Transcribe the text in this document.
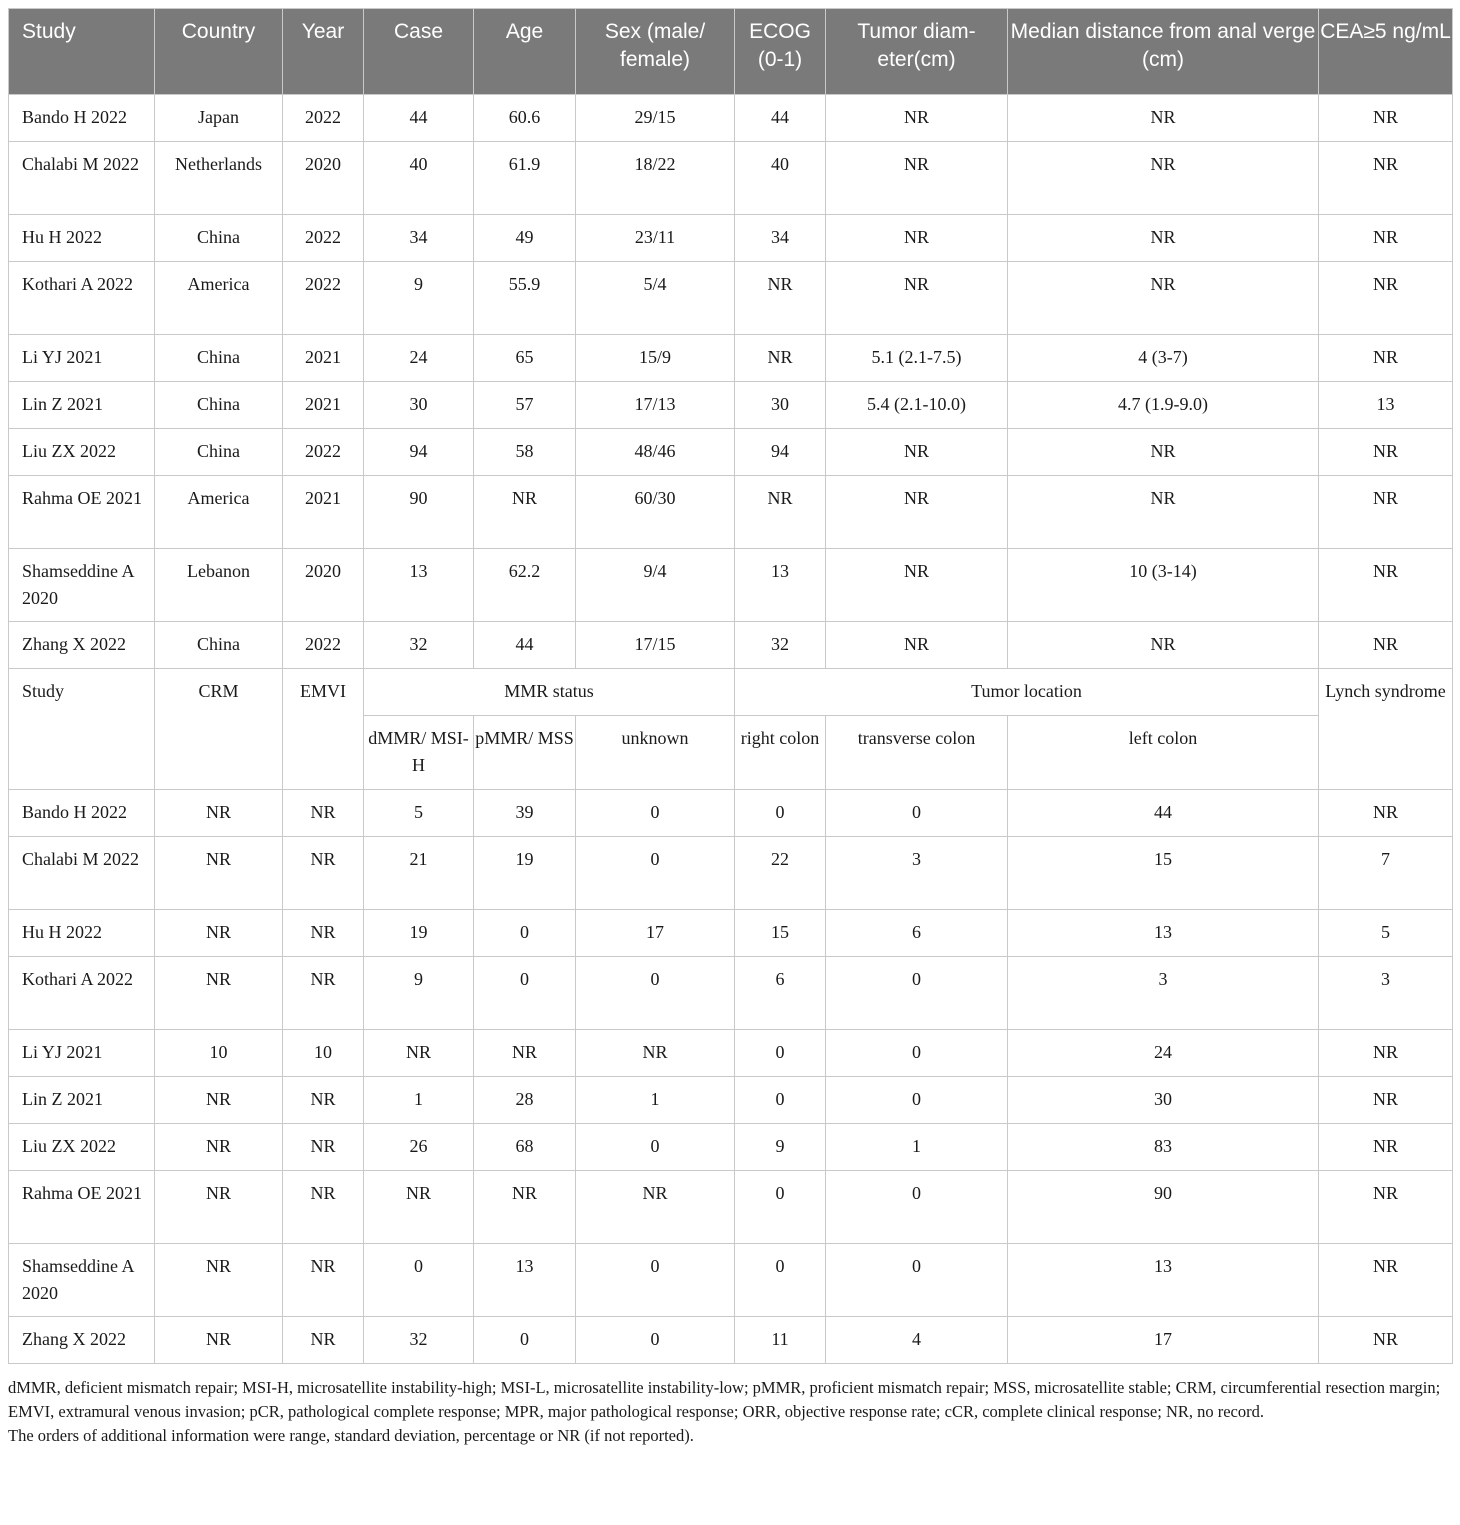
Study	Country	Year	Case	Age	Sex (male/ female)	ECOG (0-1)	Tumor diam- eter(cm)	Median distance from anal verge (cm)	CEA≥5 ng/mL
Bando H 2022	Japan	2022	44	60.6	29/15	44	NR	NR	NR
Chalabi M 2022	Netherlands	2020	40	61.9	18/22	40	NR	NR	NR
Hu H 2022	China	2022	34	49	23/11	34	NR	NR	NR
Kothari A 2022	America	2022	9	55.9	5/4	NR	NR	NR	NR
Li YJ 2021	China	2021	24	65	15/9	NR	5.1 (2.1-7.5)	4 (3-7)	NR
Lin Z 2021	China	2021	30	57	17/13	30	5.4 (2.1-10.0)	4.7 (1.9-9.0)	13
Liu ZX 2022	China	2022	94	58	48/46	94	NR	NR	NR
Rahma OE 2021	America	2021	90	NR	60/30	NR	NR	NR	NR
Shamseddine A 2020	Lebanon	2020	13	62.2	9/4	13	NR	10 (3-14)	NR
Zhang X 2022	China	2022	32	44	17/15	32	NR	NR	NR
Study	CRM	EMVI	MMR status			Tumor location			Lynch syndrome
			dMMR/ MSI-H	pMMR/ MSS	unknown	right colon	transverse colon	left colon	
Bando H 2022	NR	NR	5	39	0	0	0	44	NR
Chalabi M 2022	NR	NR	21	19	0	22	3	15	7
Hu H 2022	NR	NR	19	0	17	15	6	13	5
Kothari A 2022	NR	NR	9	0	0	6	0	3	3
Li YJ 2021	10	10	NR	NR	NR	0	0	24	NR
Lin Z 2021	NR	NR	1	28	1	0	0	30	NR
Liu ZX 2022	NR	NR	26	68	0	9	1	83	NR
Rahma OE 2021	NR	NR	NR	NR	NR	0	0	90	NR
Shamseddine A 2020	NR	NR	0	13	0	0	0	13	NR
Zhang X 2022	NR	NR	32	0	0	11	4	17	NR

dMMR, deficient mismatch repair; MSI-H, microsatellite instability-high; MSI-L, microsatellite instability-low; pMMR, proficient mismatch repair; MSS, microsatellite stable; CRM, circumferential resection margin; EMVI, extramural venous invasion; pCR, pathological complete response; MPR, major pathological response; ORR, objective response rate; cCR, complete clinical response; NR, no record.

The orders of additional information were range, standard deviation, percentage or NR (if not reported).
